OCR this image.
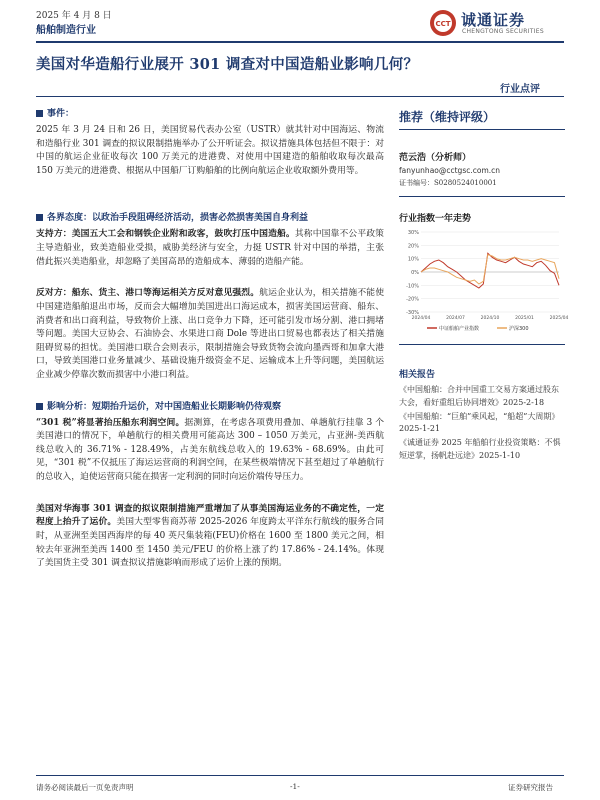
2025 年 4 月 8 日
船舶制造行业
CCT 诚通证券
CHENGTONG SECURITIES
美国对华造船行业展开 301 调查对中国造船业影响几何？
行业点评
事件：

2025 年 3 月 24 日和 26 日，美国贸易代表办公室（USTR）就其针对中国海运、物流和造船行业 301 调查的拟议限制措施举办了公开听证会。拟议措施具体包括但不限于：对中国的航运企业征收每次 100 万美元的进港费、对使用中国建造的船舶收取每次最高 150 万美元的进港费、根据从中国船厂订购船舶的比例向航运企业收取额外费用等。

各界态度：以政治手段阻碍经济活动，损害必然损害美国自身利益

支持方：美国五大工会和钢铁企业附和政客，鼓吹打压中国造船。其称中国靠不公平政策主导造船业，致美造船业受损，威胁美经济与安全，力挺 USTR 针对中国的举措，主张借此振兴美造船业，却忽略了美国高昂的造船成本、薄弱的造船产能。

反对方：船东、货主、港口等海运相关方反对意见强烈。航运企业认为，相关措施不能使中国建造船舶退出市场，反而会大幅增加美国进出口海运成本，损害美国运营商、船东、消费者和出口商利益，导致物价上涨、出口竞争力下降，还可能引发市场分割、港口拥堵等问题。美国大豆协会、石油协会、水果进口商 Dole 等进出口贸易也都表达了相关措施阻碍贸易的担忧。美国港口联合会则表示，限制措施会导致货物会流向墨西哥和加拿大港口，导致美国港口业务量减少、基础设施升级资金不足、运输成本上升等问题，美国航运企业减少停靠次数而损害中小港口利益。

影响分析：短期抬升运价，对中国造船业长期影响仍待观察

“301 税”将显著抬压船东利润空间。据测算，在考虑各项费用叠加、单趟航行挂靠 3 个美国港口的情况下，单趟航行的相关费用可能高达 300 – 1050 万美元，占亚洲-美西航线总收入的 36.71% - 128.49%，占美东航线总收入的 19.63% - 68.69%。由此可见，“301 税”不仅抵压了海运运营商的利润空间，在某些极端情况下甚至超过了单趟航行的总收入，迫使运营商只能在损害一定利润的同时向运价端传导压力。

美国对华海事 301 调查的拟议限制措施严重增加了从事美国海运业务的不确定性，一定程度上抬升了运价。美国大型零售商苏蒂 2025-2026 年度跨太平洋东行航线的服务合同时，从亚洲至美国西海岸的每 40 英尺集装箱(FEU)价格在 1600 至 1800 美元之间，相较去年亚洲至美西 1400 至 1450 美元/FEU 的价格上涨了约 17.86% - 24.14%。体现了美国货主受 301 调查拟议措施影响而形成了运价上涨的预期。

推荐（维持评级）
范云浩（分析师）
fanyunhao@cctgsc.com.cn
证书编号：S0280524010001
行业指数一年走势
30%
20%
10%
0%
-10%
-20%
-30%
2024/04	2024/07	2024/10	2025/01	2025/04
中证船舶产业指数	沪深300
相关报告

《中国船舶：合并中国重工交易方案通过股东大会，看好重组后协同增效》2025-2-18

《中国船舶：“巨舶”乘风起，“船超”大周期》2025-1-21

《诚通证券 2025 年船舶行业投资策略：不惧短逆掌，扬帆赴远途》2025-1-10

请务必阅读最后一页免责声明	-1-	证券研究报告
